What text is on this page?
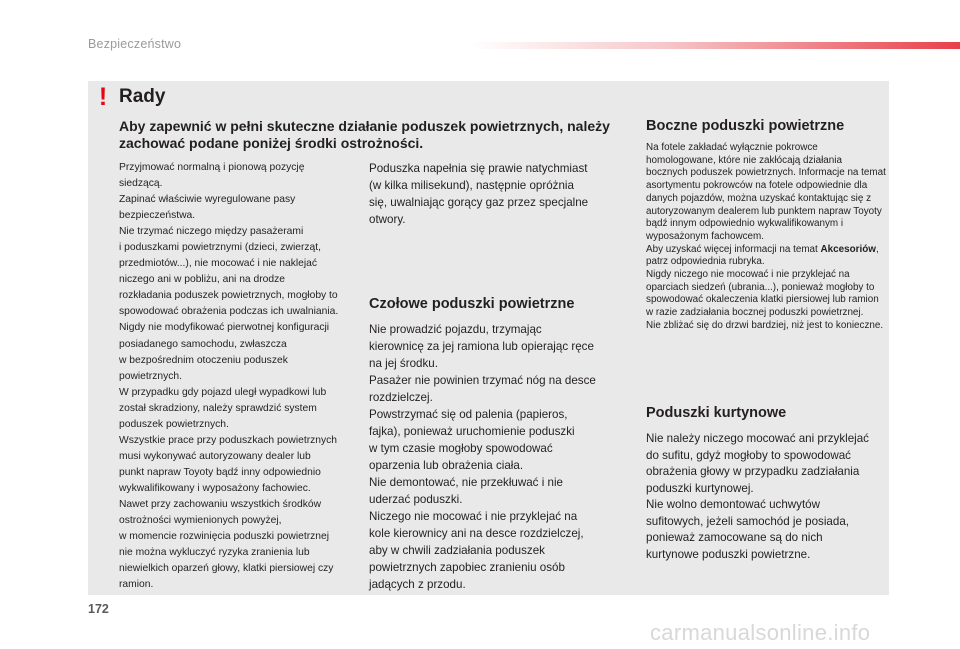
Bezpieczeństwo
! Rady
Aby zapewnić w pełni skuteczne działanie poduszek powietrznych, należy zachować podane poniżej środki ostrożności.
Przyjmować normalną i pionową pozycję
siedzącą.
Zapinać właściwie wyregulowane pasy
bezpieczeństwa.
Nie trzymać niczego między pasażerami
i poduszkami powietrznymi (dzieci, zwierząt,
przedmiotów...), nie mocować i nie naklejać
niczego ani w pobliżu, ani na drodze
rozkładania poduszek powietrznych, mogłoby to
spowodować obrażenia podczas ich uwalniania.
Nigdy nie modyfikować pierwotnej konfiguracji
posiadanego samochodu, zwłaszcza
w bezpośrednim otoczeniu poduszek
powietrznych.
W przypadku gdy pojazd uległ wypadkowi lub
został skradziony, należy sprawdzić system
poduszek powietrznych.
Wszystkie prace przy poduszkach powietrznych
musi wykonywać autoryzowany dealer lub
punkt napraw Toyoty bądź inny odpowiednio
wykwalifikowany i wyposażony fachowiec.
Nawet przy zachowaniu wszystkich środków
ostrożności wymienionych powyżej,
w momencie rozwinięcia poduszki powietrznej
nie można wykluczyć ryzyka zranienia lub
niewielkich oparzeń głowy, klatki piersiowej czy
ramion.
Poduszka napełnia się prawie natychmiast
(w kilka milisekund), następnie opróżnia
się, uwalniając gorący gaz przez specjalne
otwory.
Czołowe poduszki powietrzne
Nie prowadzić pojazdu, trzymając
kierownicę za jej ramiona lub opierając ręce
na jej środku.
Pasażer nie powinien trzymać nóg na desce
rozdzielczej.
Powstrzymać się od palenia (papieros,
fajka), ponieważ uruchomienie poduszki
w tym czasie mogłoby spowodować
oparzenia lub obrażenia ciała.
Nie demontować, nie przekłuwać i nie
uderzać poduszki.
Niczego nie mocować i nie przyklejać na
kole kierownicy ani na desce rozdzielczej,
aby w chwili zadziałania poduszek
powietrznych zapobiec zranieniu osób
jadących z przodu.
Boczne poduszki powietrzne
Na fotele zakładać wyłącznie pokrowce homologowane, które nie zakłócają działania bocznych poduszek powietrznych. Informacje na temat asortymentu pokrowców na fotele odpowiednie dla danych pojazdów, można uzyskać kontaktując się z autoryzowanym dealerem lub punktem napraw Toyoty bądź innym odpowiednio wykwalifikowanym i wyposażonym fachowcem.
Aby uzyskać więcej informacji na temat Akcesoriów, patrz odpowiednia rubryka.
Nigdy niczego nie mocować i nie przyklejać na oparciach siedzeń (ubrania...), ponieważ mogłoby to spowodować okaleczenia klatki piersiowej lub ramion w razie zadziałania bocznej poduszki powietrznej.
Nie zbliżać się do drzwi bardziej, niż jest to konieczne.
Poduszki kurtynowe
Nie należy niczego mocować ani przyklejać
do sufitu, gdyż mogłoby to spowodować
obrażenia głowy w przypadku zadziałania
poduszki kurtynowej.
Nie wolno demontować uchwytów
sufitowych, jeżeli samochód je posiada,
ponieważ zamocowane są do nich
kurtynowe poduszki powietrzne.
172
carmanualsonline.info
